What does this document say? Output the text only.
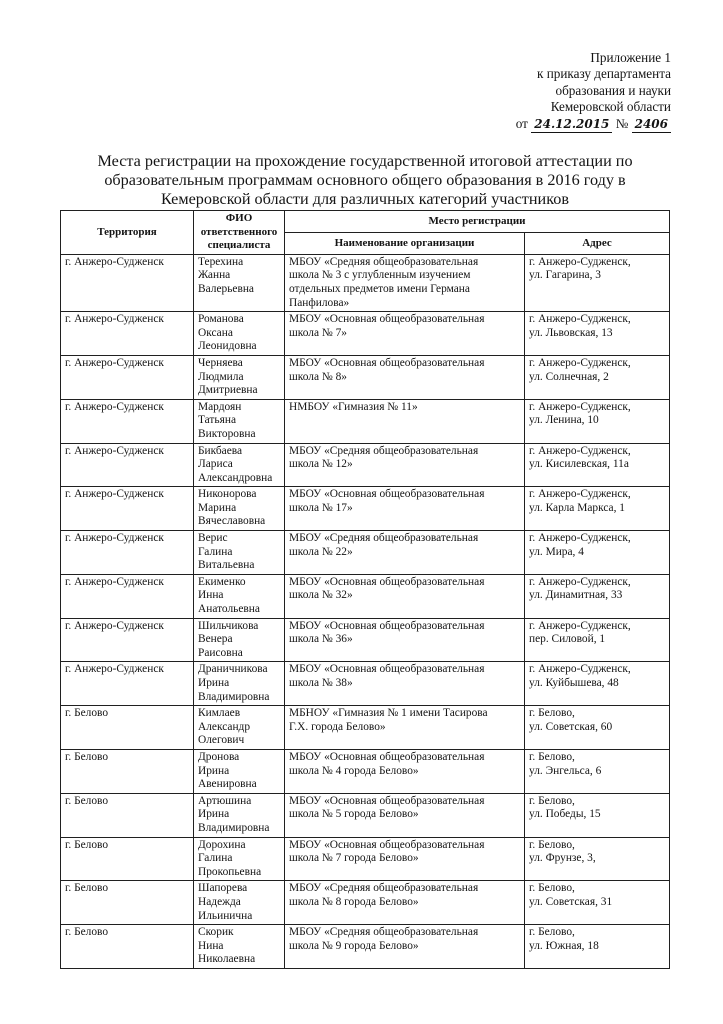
Приложение 1
к приказу департамента
образования и науки
Кемеровской области
от 24.12.2015 № 2406
Места регистрации на прохождение государственной итоговой аттестации по
образовательным программам основного общего образования в 2016 году в
Кемеровской области для различных категорий участников
Территория	ФИО ответственного специалиста	Место регистрации	
		Наименование организации	Адрес
г. Анжеро-Судженск	Терехина
Жанна
Валерьевна	МБОУ «Средняя общеобразовательная
школа № 3 с углубленным изучением
отдельных предметов имени Германа
Панфилова»	г. Анжеро-Судженск,
ул. Гагарина, 3

г. Анжеро-Судженск	Романова
Оксана
Леонидовна	МБОУ «Основная общеобразовательная
школа № 7»	г. Анжеро-Судженск,
ул. Львовская, 13

г. Анжеро-Судженск	Черняева
Людмила
Дмитриевна	МБОУ «Основная общеобразовательная
школа № 8»	г. Анжеро-Судженск,
ул. Солнечная, 2

г. Анжеро-Судженск	Мардоян
Татьяна
Викторовна	НМБОУ «Гимназия № 11»	г. Анжеро-Судженск,
ул. Ленина, 10

г. Анжеро-Судженск	Бикбаева
Лариса
Александровна	МБОУ «Средняя общеобразовательная
школа № 12»	г. Анжеро-Судженск,
ул. Кисилевская, 11а

г. Анжеро-Судженск	Никонорова
Марина
Вячеславовна	МБОУ «Основная общеобразовательная
школа № 17»	г. Анжеро-Судженск,
ул. Карла Маркса, 1

г. Анжеро-Судженск	Верис
Галина
Витальевна	МБОУ «Средняя общеобразовательная
школа № 22»	г. Анжеро-Судженск,
ул. Мира, 4

г. Анжеро-Судженск	Екименко
Инна
Анатольевна	МБОУ «Основная общеобразовательная
школа № 32»	г. Анжеро-Судженск,
ул. Динамитная, 33

г. Анжеро-Судженск	Шильчикова
Венера
Раисовна	МБОУ «Основная общеобразовательная
школа № 36»	г. Анжеро-Судженск,
пер. Силовой, 1

г. Анжеро-Судженск	Драничникова
Ирина
Владимировна	МБОУ «Основная общеобразовательная
школа № 38»	г. Анжеро-Судженск,
ул. Куйбышева, 48

г. Белово	Кимлаев
Александр
Олегович	МБНОУ «Гимназия № 1 имени Тасирова
Г.Х. города Белово»	г. Белово,
ул. Советская, 60

г. Белово	Дронова
Ирина
Авенировна	МБОУ «Основная общеобразовательная
школа № 4 города Белово»	г. Белово,
ул. Энгельса, 6

г. Белово	Артюшина
Ирина
Владимировна	МБОУ «Основная общеобразовательная
школа № 5 города Белово»	г. Белово,
ул. Победы, 15

г. Белово	Дорохина
Галина
Прокопьевна	МБОУ «Основная общеобразовательная
школа № 7 города Белово»	г. Белово,
ул. Фрунзе, 3,

г. Белово	Шапорева
Надежда
Ильинична	МБОУ «Средняя общеобразовательная
школа № 8 города Белово»	г. Белово,
ул. Советская, 31

г. Белово	Скорик
Нина
Николаевна	МБОУ «Средняя общеобразовательная
школа № 9 города Белово»	г. Белово,
ул. Южная, 18
